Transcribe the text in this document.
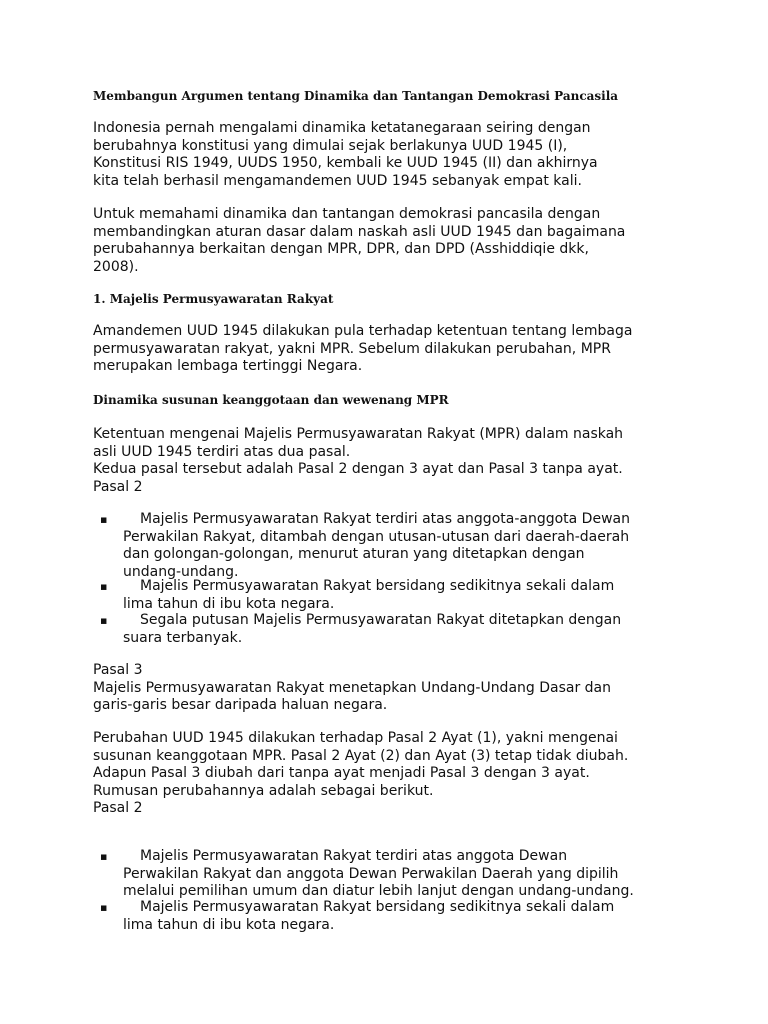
Membangun Argumen tentang Dinamika dan Tantangan Demokrasi Pancasila
Indonesia pernah mengalami dinamika ketatanegaraan seiring dengan
berubahnya konstitusi yang dimulai sejak berlakunya UUD 1945 (I),
Konstitusi RIS 1949, UUDS 1950, kembali ke UUD 1945 (II) dan akhirnya
kita telah berhasil mengamandemen UUD 1945 sebanyak empat kali.
Untuk memahami dinamika dan tantangan demokrasi pancasila dengan
membandingkan aturan dasar dalam naskah asli UUD 1945 dan bagaimana
perubahannya berkaitan dengan MPR, DPR, dan DPD (Asshiddiqie dkk,
2008).
1. Majelis Permusyawaratan Rakyat
Amandemen UUD 1945 dilakukan pula terhadap ketentuan tentang lembaga
permusyawaratan rakyat, yakni MPR. Sebelum dilakukan perubahan, MPR
merupakan lembaga tertinggi Negara.
Dinamika susunan keanggotaan dan wewenang MPR
Ketentuan mengenai Majelis Permusyawaratan Rakyat (MPR) dalam naskah
asli UUD 1945 terdiri atas dua pasal.
Kedua pasal tersebut adalah Pasal 2 dengan 3 ayat dan Pasal 3 tanpa ayat.
Pasal 2
▪	Majelis Permusyawaratan Rakyat terdiri atas anggota-anggota Dewan
Perwakilan Rakyat, ditambah dengan utusan-utusan dari daerah-daerah
dan golongan-golongan, menurut aturan yang ditetapkan dengan
undang-undang.
▪	Majelis Permusyawaratan Rakyat bersidang sedikitnya sekali dalam
lima tahun di ibu kota negara.
▪	Segala putusan Majelis Permusyawaratan Rakyat ditetapkan dengan
suara terbanyak.
Pasal 3
Majelis Permusyawaratan Rakyat menetapkan Undang-Undang Dasar dan
garis-garis besar daripada haluan negara.
Perubahan UUD 1945 dilakukan terhadap Pasal 2 Ayat (1), yakni mengenai
susunan keanggotaan MPR. Pasal 2 Ayat (2) dan Ayat (3) tetap tidak diubah.
Adapun Pasal 3 diubah dari tanpa ayat menjadi Pasal 3 dengan 3 ayat.
Rumusan perubahannya adalah sebagai berikut.
Pasal 2
▪	Majelis Permusyawaratan Rakyat terdiri atas anggota Dewan
Perwakilan Rakyat dan anggota Dewan Perwakilan Daerah yang dipilih
melalui pemilihan umum dan diatur lebih lanjut dengan undang-undang.
▪	Majelis Permusyawaratan Rakyat bersidang sedikitnya sekali dalam
lima tahun di ibu kota negara.
